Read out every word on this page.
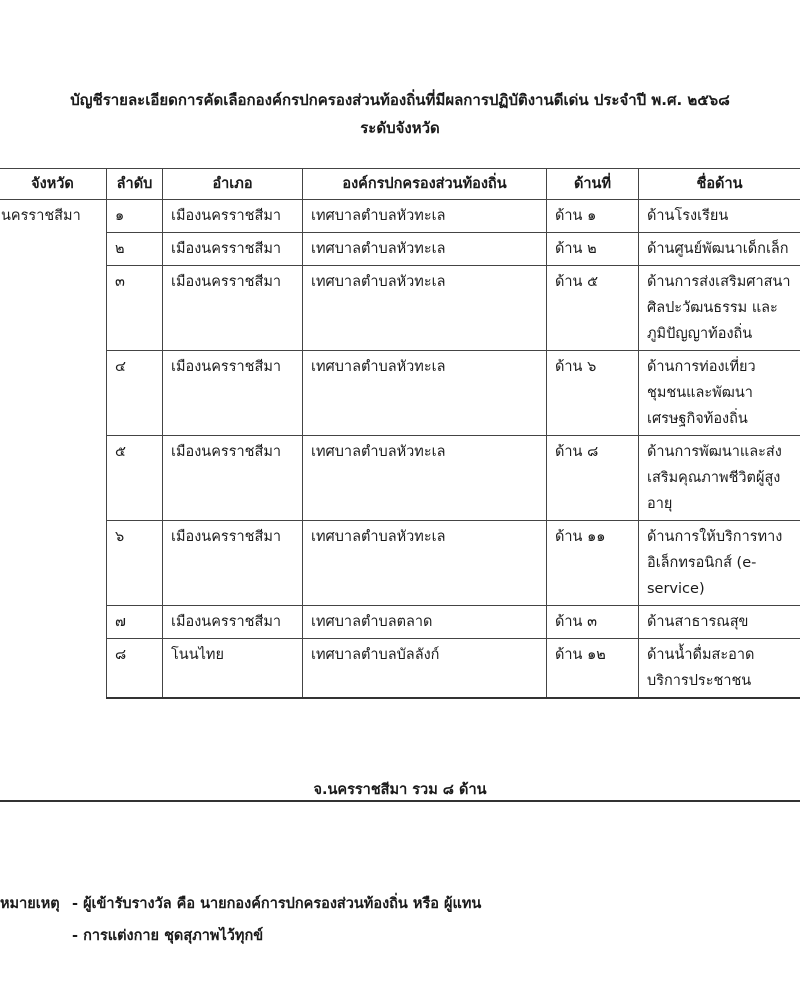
บัญชีรายละเอียดการคัดเลือกองค์กรปกครองส่วนท้องถิ่นที่มีผลการปฏิบัติงานดีเด่น ประจำปี พ.ศ. ๒๕๖๘
ระดับจังหวัด
จังหวัด	ลำดับ	อำเภอ	องค์กรปกครองส่วนท้องถิ่น	ด้านที่	ชื่อด้าน
นครราชสีมา	๑	เมืองนครราชสีมา	เทศบาลตำบลหัวทะเล	ด้าน ๑	ด้านโรงเรียน
	๒	เมืองนครราชสีมา	เทศบาลตำบลหัวทะเล	ด้าน ๒	ด้านศูนย์พัฒนาเด็กเล็ก
	๓	เมืองนครราชสีมา	เทศบาลตำบลหัวทะเล	ด้าน ๕	ด้านการส่งเสริมศาสนา ศิลปะวัฒนธรรม และภูมิปัญญาท้องถิ่น
	๔	เมืองนครราชสีมา	เทศบาลตำบลหัวทะเล	ด้าน ๖	ด้านการท่องเที่ยวชุมชนและพัฒนาเศรษฐกิจท้องถิ่น
	๕	เมืองนครราชสีมา	เทศบาลตำบลหัวทะเล	ด้าน ๘	ด้านการพัฒนาและส่งเสริมคุณภาพชีวิตผู้สูงอายุ
	๖	เมืองนครราชสีมา	เทศบาลตำบลหัวทะเล	ด้าน ๑๑	ด้านการให้บริการทางอิเล็กทรอนิกส์ (e-service)
	๗	เมืองนครราชสีมา	เทศบาลตำบลตลาด	ด้าน ๓	ด้านสาธารณสุข
	๘	โนนไทย	เทศบาลตำบลบัลลังก์	ด้าน ๑๒	ด้านน้ำดื่มสะอาดบริการประชาชน
จ.นครราชสีมา รวม ๘ ด้าน
หมายเหตุ - ผู้เข้ารับรางวัล คือ นายกองค์การปกครองส่วนท้องถิ่น หรือ ผู้แทน
- การแต่งกาย ชุดสุภาพไว้ทุกข์
